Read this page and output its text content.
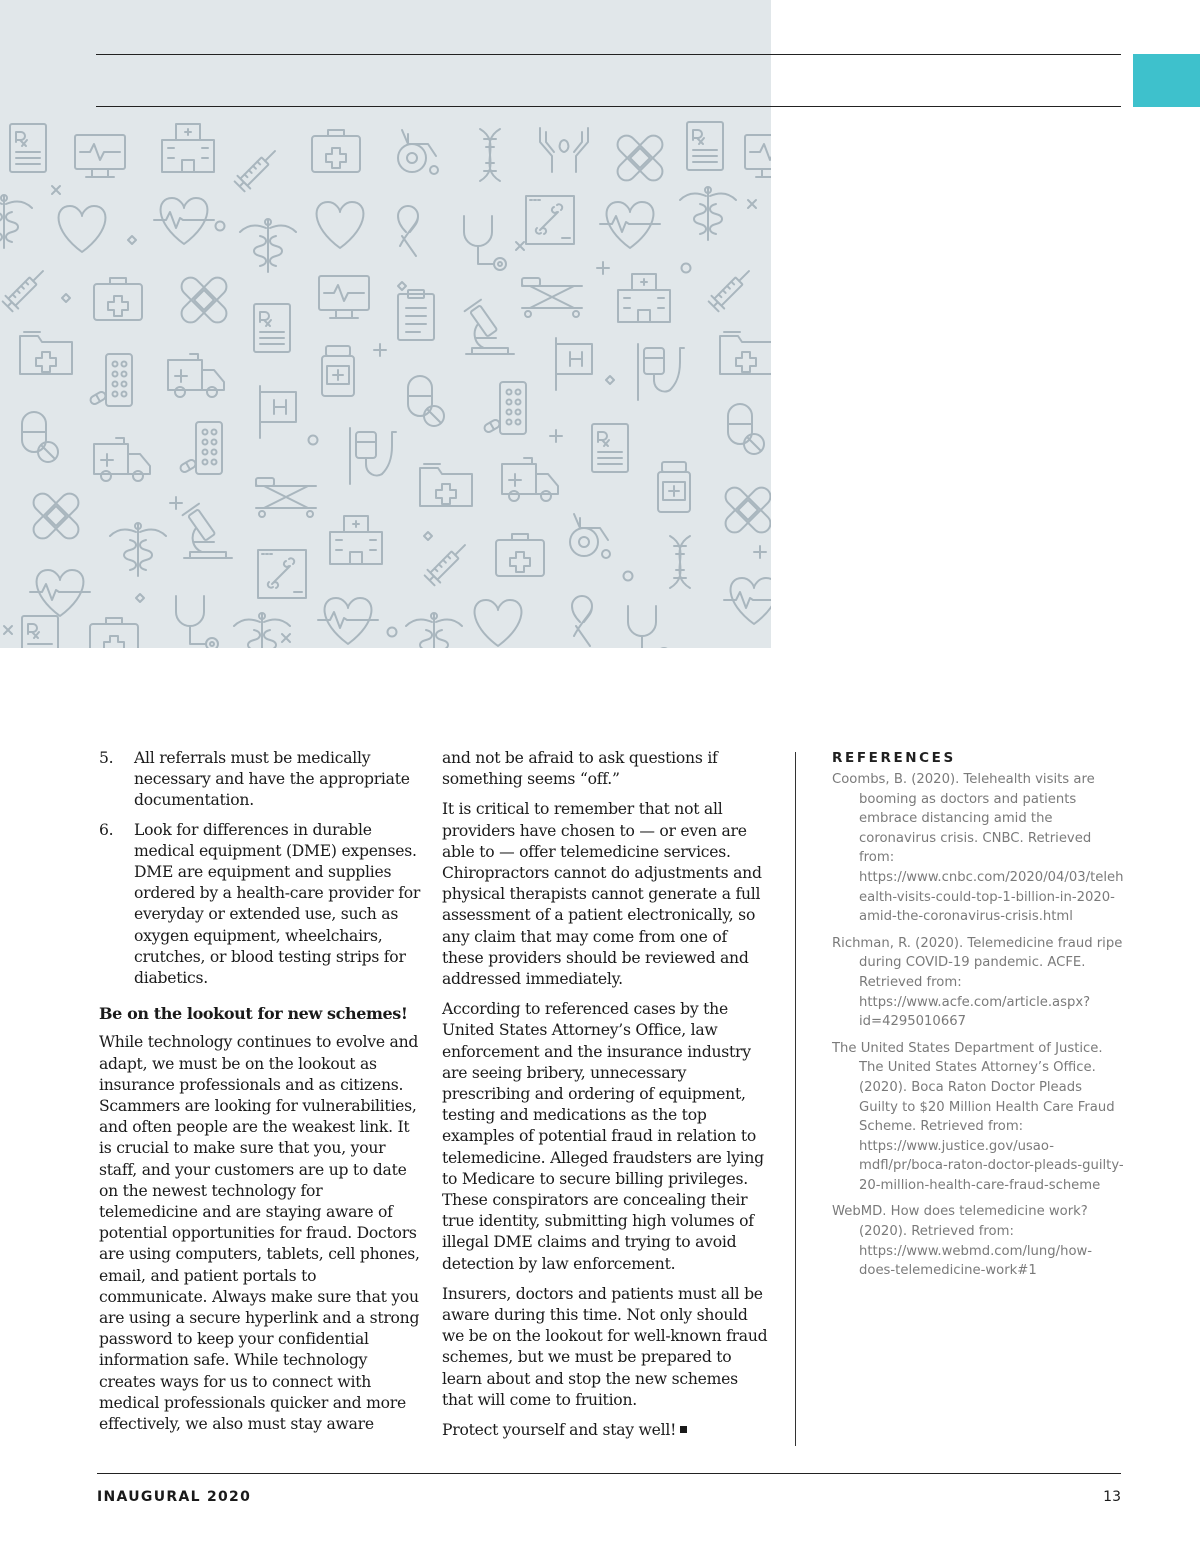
5. All referrals must be medically necessary and have the appropriate documentation.
6. Look for differences in durable medical equipment (DME) expenses. DME are equipment and supplies ordered by a health-care provider for everyday or extended use, such as oxygen equipment, wheelchairs, crutches, or blood testing strips for diabetics.
Be on the lookout for new schemes!

While technology continues to evolve and adapt, we must be on the lookout as insurance professionals and as citizens. Scammers are looking for vulnerabilities, and often people are the weakest link. It is crucial to make sure that you, your staff, and your customers are up to date on the newest technology for telemedicine and are staying aware of potential opportunities for fraud. Doctors are using computers, tablets, cell phones, email, and patient portals to communicate. Always make sure that you are using a secure hyperlink and a strong password to keep your confidential information safe. While technology creates ways for us to connect with medical professionals quicker and more effectively, we also must stay aware

and not be afraid to ask questions if something seems “off.”

It is critical to remember that not all providers have chosen to — or even are able to — offer telemedicine services. Chiropractors cannot do adjustments and physical therapists cannot generate a full assessment of a patient electronically, so any claim that may come from one of these providers should be reviewed and addressed immediately.

According to referenced cases by the United States Attorney’s Office, law enforcement and the insurance industry are seeing bribery, unnecessary prescribing and ordering of equipment, testing and medications as the top examples of potential fraud in relation to telemedicine. Alleged fraudsters are lying to Medicare to secure billing privileges. These conspirators are concealing their true identity, submitting high volumes of illegal DME claims and trying to avoid detection by law enforcement.

Insurers, doctors and patients must all be aware during this time. Not only should we be on the lookout for well-known fraud schemes, but we must be prepared to learn about and stop the new schemes that will come to fruition.

Protect yourself and stay well!

REFERENCES
Coombs, B. (2020). Telehealth visits are booming as doctors and patients embrace distancing amid the coronavirus crisis. CNBC. Retrieved from: https://www.cnbc.com/2020/04/03/telehealth-visits-could-top-1-billion-in-2020-amid-the-coronavirus-crisis.html
Richman, R. (2020). Telemedicine fraud ripe during COVID-19 pandemic. ACFE. Retrieved from: https://www.acfe.com/article.aspx?id=4295010667
The United States Department of Justice. The United States Attorney’s Office. (2020). Boca Raton Doctor Pleads Guilty to $20 Million Health Care Fraud Scheme. Retrieved from: https://www.justice.gov/usao-mdfl/pr/boca-raton-doctor-pleads-guilty-20-million-health-care-fraud-scheme
WebMD. How does telemedicine work? (2020). Retrieved from: https://www.webmd.com/lung/how-does-telemedicine-work#1
INAUGURAL 2020	13
